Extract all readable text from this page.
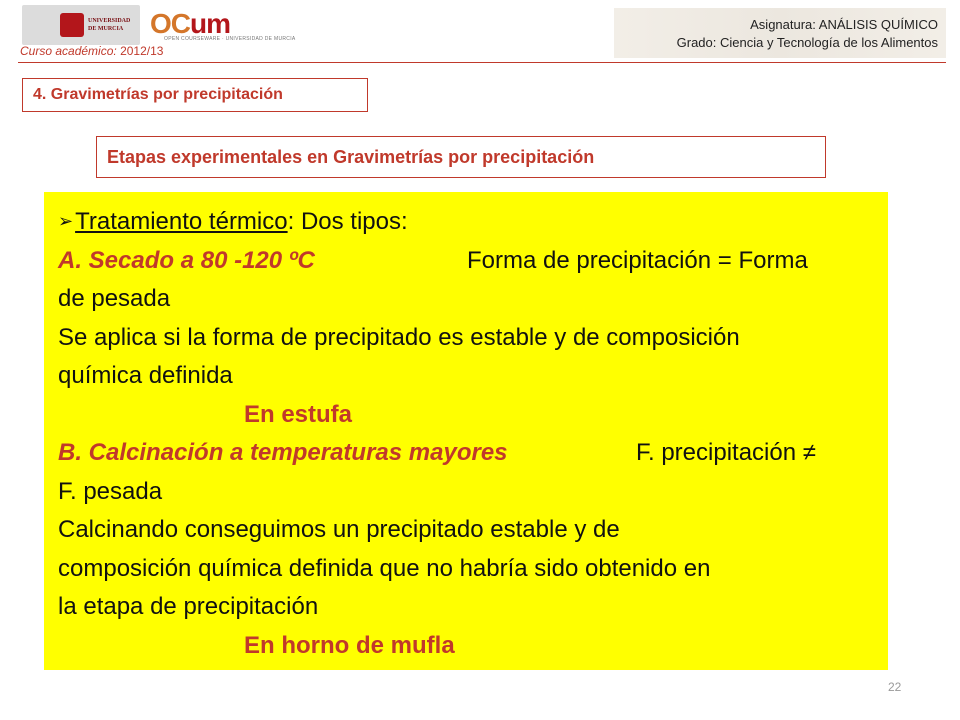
UNIVERSIDAD DE MURCIA OCum
OPEN COURSEWARE · UNIVERSIDAD DE MURCIA
Curso académico: 2012/13
Asignatura: ANÁLISIS QUÍMICO
Grado: Ciencia y Tecnología de los Alimentos
4. Gravimetrías por precipitación
Etapas experimentales en Gravimetrías por precipitación
➢Tratamiento térmico: Dos tipos:
A. Secado a 80 -120 ºC	Forma de precipitación = Forma
de pesada
Se aplica si la forma de precipitado es estable y de composición
química definida
En estufa
B. Calcinación a temperaturas mayores	F. precipitación ≠
F. pesada
Calcinando conseguimos un precipitado estable y de
composición química definida que no habría sido obtenido en
la etapa de precipitación
En horno de mufla
22
